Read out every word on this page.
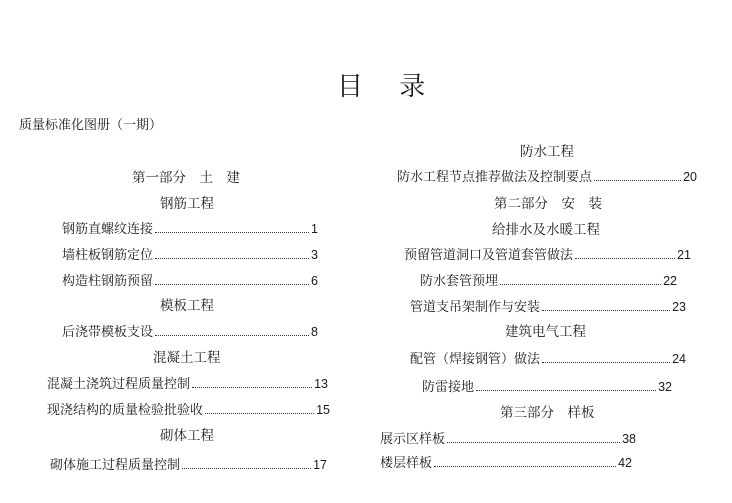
目 录
质量标准化图册（一期）
第一部分　土　建
钢筋工程
钢筋直螺纹连接	1
墙柱板钢筋定位	3
构造柱钢筋预留	6
模板工程
后浇带模板支设	8
混凝土工程
混凝土浇筑过程质量控制	13
现浇结构的质量检验批验收	15
砌体工程
砌体施工过程质量控制	17
防水工程
防水工程节点推荐做法及控制要点	20
第二部分　安　装
给排水及水暖工程
预留管道洞口及管道套管做法	21
防水套管预埋	22
管道支吊架制作与安装	23
建筑电气工程
配管（焊接钢管）做法	24
防雷接地	32
第三部分　样板
展示区样板	38
楼层样板	42
